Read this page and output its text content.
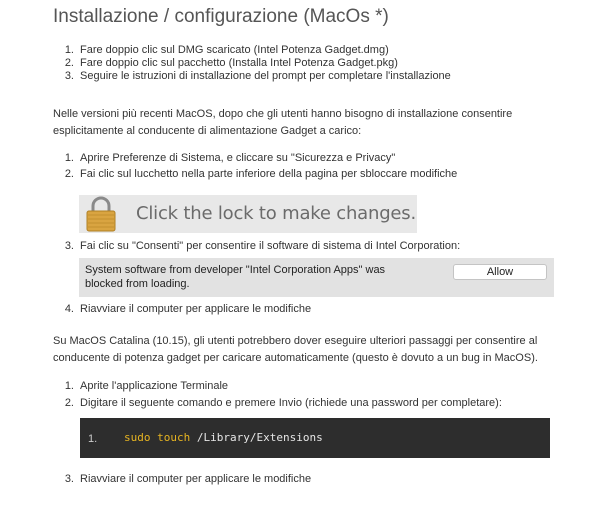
Installazione / configurazione (MacOs *)
1. Fare doppio clic sul DMG scaricato (Intel Potenza Gadget.dmg)
2. Fare doppio clic sul pacchetto (Installa Intel Potenza Gadget.pkg)
3. Seguire le istruzioni di installazione del prompt per completare l'installazione

Nelle versioni più recenti MacOS, dopo che gli utenti hanno bisogno di installazione consentire esplicitamente al conducente di alimentazione Gadget a carico:

1. Aprire Preferenze di Sistema, e cliccare su "Sicurezza e Privacy"
2. Fai clic sul lucchetto nella parte inferiore della pagina per sbloccare modifiche
Click the lock to make changes.
3. Fai clic su "Consenti" per consentire il software di sistema di Intel Corporation:
System software from developer "Intel Corporation Apps" was blocked from loading.
Allow
4. Riavviare il computer per applicare le modifiche

Su MacOS Catalina (10.15), gli utenti potrebbero dover eseguire ulteriori passaggi per consentire al conducente di potenza gadget per caricare automaticamente (questo è dovuto a un bug in MacOS).

1. Aprite l'applicazione Terminale
2. Digitare il seguente comando e premere Invio (richiede una password per completare):
1. sudo touch /Library/Extensions
3. Riavviare il computer per applicare le modifiche
